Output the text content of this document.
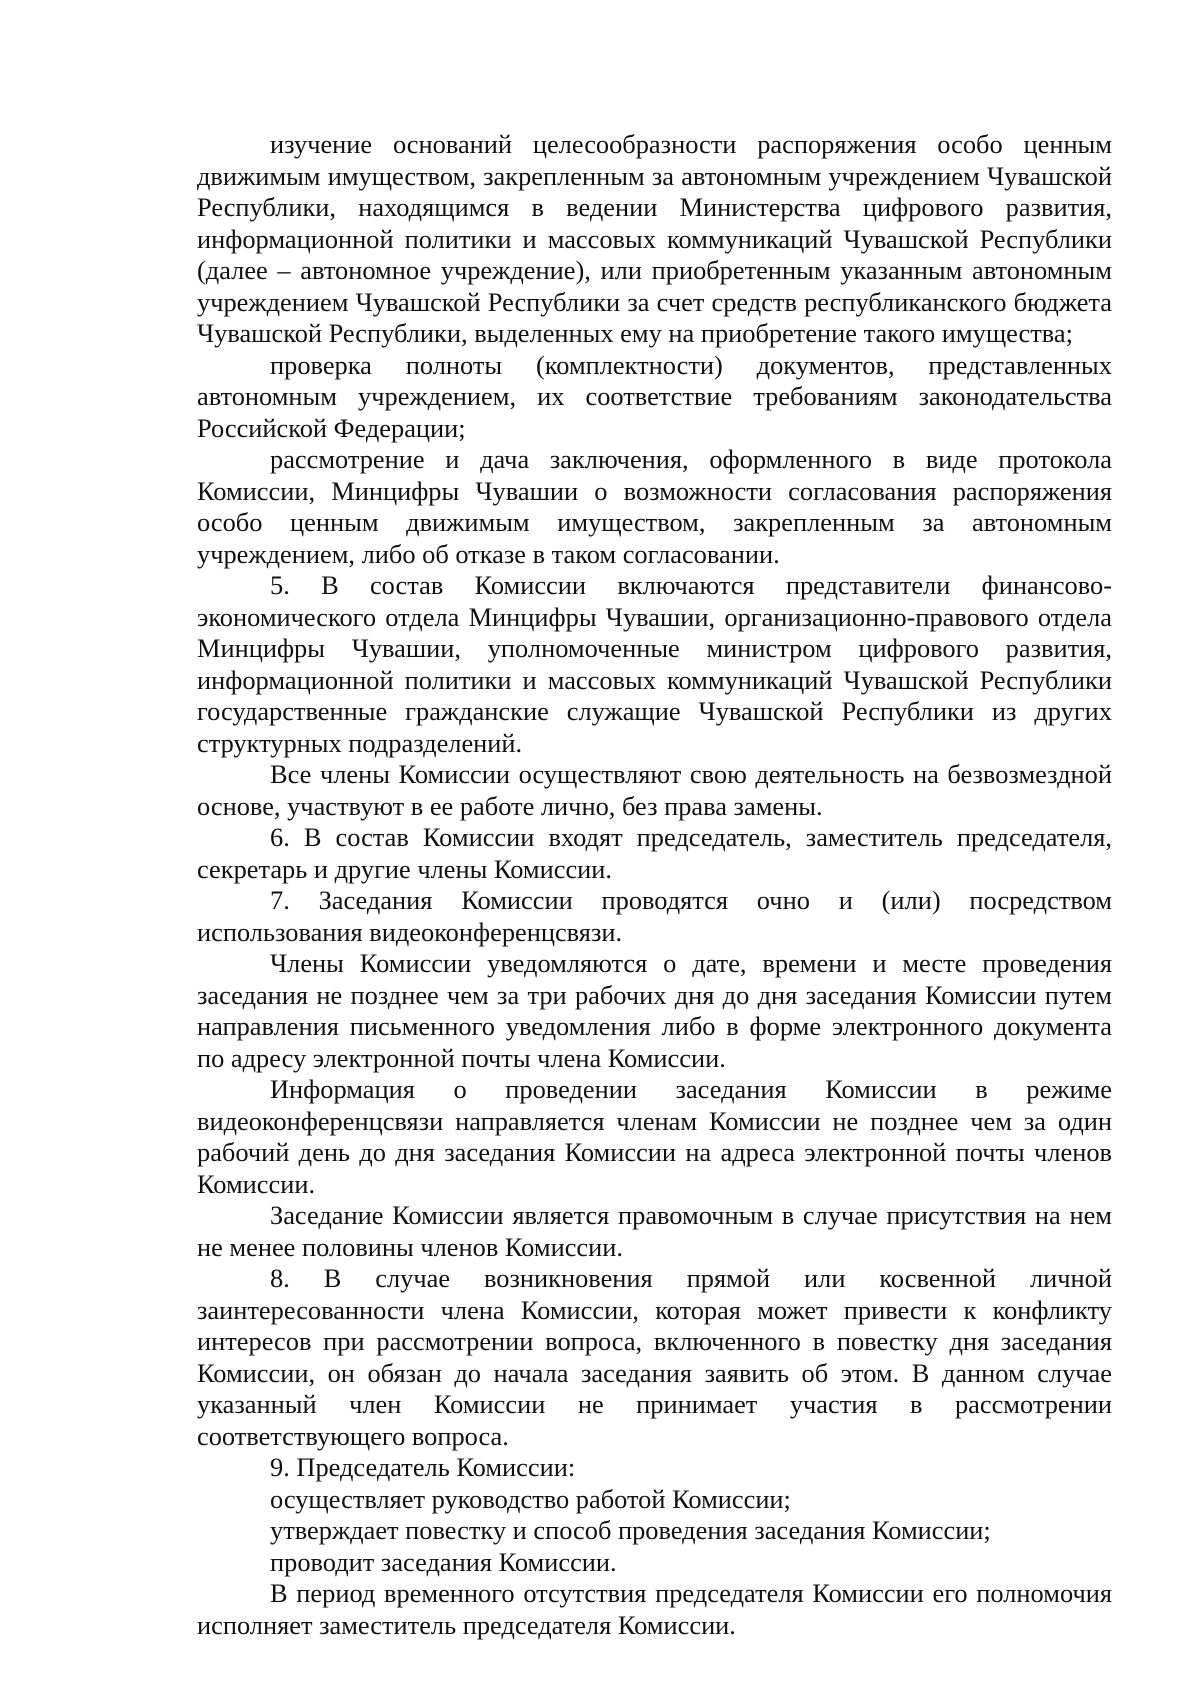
изучение оснований целесообразности распоряжения особо ценным движимым имуществом, закрепленным за автономным учреждением Чувашской Республики, находящимся в ведении Министерства цифрового развития, информационной политики и массовых коммуникаций Чувашской Республики (далее – автономное учреждение), или приобретенным указанным автономным учреждением Чувашской Республики за счет средств республиканского бюджета Чувашской Республики, выделенных ему на приобретение такого имущества;

проверка полноты (комплектности) документов, представленных автономным учреждением, их соответствие требованиям законодательства Российской Федерации;

рассмотрение и дача заключения, оформленного в виде протокола Комиссии, Минцифры Чувашии о возможности согласования распоряжения особо ценным движимым имуществом, закрепленным за автономным учреждением, либо об отказе в таком согласовании.

5. В состав Комиссии включаются представители финансово-экономического отдела Минцифры Чувашии, организационно-правового отдела Минцифры Чувашии, уполномоченные министром цифрового развития, информационной политики и массовых коммуникаций Чувашской Республики государственные гражданские служащие Чувашской Республики из других структурных подразделений.

Все члены Комиссии осуществляют свою деятельность на безвозмездной основе, участвуют в ее работе лично, без права замены.

6. В состав Комиссии входят председатель, заместитель председателя, секретарь и другие члены Комиссии.

7. Заседания Комиссии проводятся очно и (или) посредством использования видеоконференцсвязи.

Члены Комиссии уведомляются о дате, времени и месте проведения заседания не позднее чем за три рабочих дня до дня заседания Комиссии путем направления письменного уведомления либо в форме электронного документа по адресу электронной почты члена Комиссии.

Информация о проведении заседания Комиссии в режиме видеоконференцсвязи направляется членам Комиссии не позднее чем за один рабочий день до дня заседания Комиссии на адреса электронной почты членов Комиссии.

Заседание Комиссии является правомочным в случае присутствия на нем не менее половины членов Комиссии.

8. В случае возникновения прямой или косвенной личной заинтересованности члена Комиссии, которая может привести к конфликту интересов при рассмотрении вопроса, включенного в повестку дня заседания Комиссии, он обязан до начала заседания заявить об этом. В данном случае указанный член Комиссии не принимает участия в рассмотрении соответствующего вопроса.

9. Председатель Комиссии:

осуществляет руководство работой Комиссии;

утверждает повестку и способ проведения заседания Комиссии;

проводит заседания Комиссии.

В период временного отсутствия председателя Комиссии его полномочия исполняет заместитель председателя Комиссии.
